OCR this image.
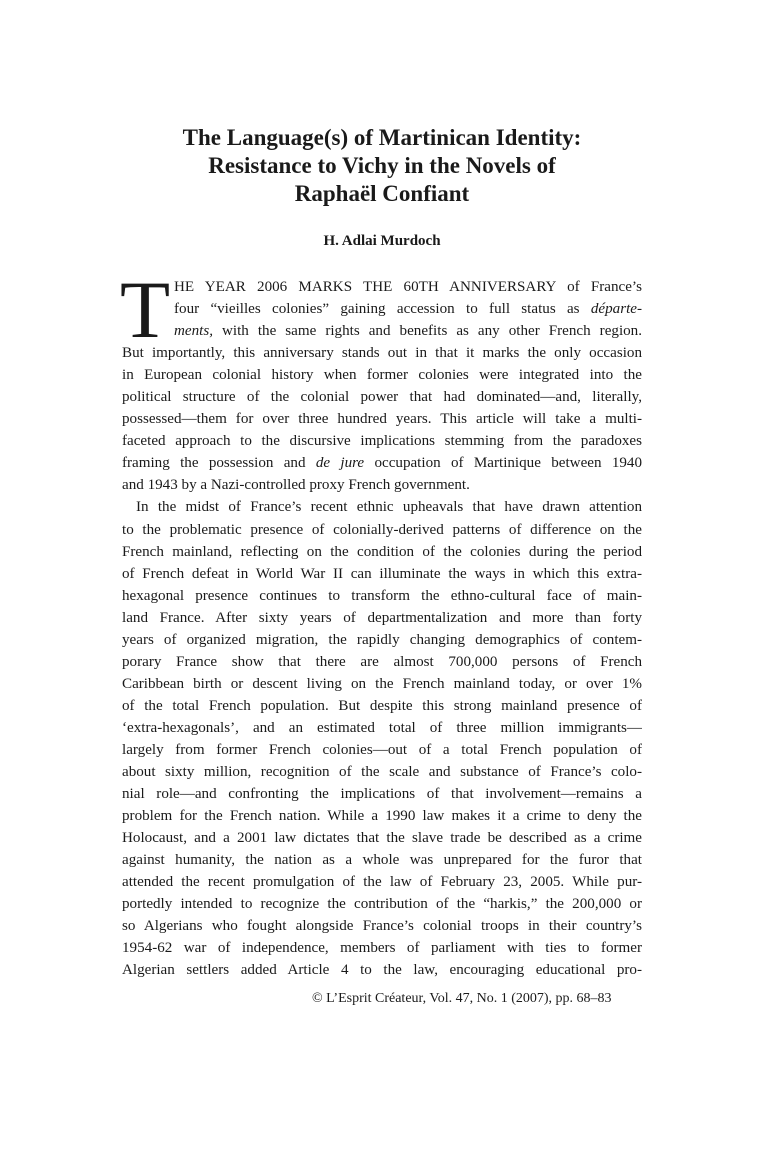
The Language(s) of Martinican Identity:
Resistance to Vichy in the Novels of
Raphaël Confiant
H. Adlai Murdoch
T HE YEAR 2006 MARKS THE 60TH ANNIVERSARY of France’s
four “vieilles colonies” gaining accession to full status as départe-
ments, with the same rights and benefits as any other French region.
But importantly, this anniversary stands out in that it marks the only occasion
in European colonial history when former colonies were integrated into the
political structure of the colonial power that had dominated—and, literally,
possessed—them for over three hundred years. This article will take a multi-
faceted approach to the discursive implications stemming from the paradoxes
framing the possession and de jure occupation of Martinique between 1940
and 1943 by a Nazi-controlled proxy French government.
In the midst of France’s recent ethnic upheavals that have drawn attention
to the problematic presence of colonially-derived patterns of difference on the
French mainland, reflecting on the condition of the colonies during the period
of French defeat in World War II can illuminate the ways in which this extra-
hexagonal presence continues to transform the ethno-cultural face of main-
land France. After sixty years of departmentalization and more than forty
years of organized migration, the rapidly changing demographics of contem-
porary France show that there are almost 700,000 persons of French
Caribbean birth or descent living on the French mainland today, or over 1%
of the total French population. But despite this strong mainland presence of
‘extra-hexagonals’, and an estimated total of three million immigrants—
largely from former French colonies—out of a total French population of
about sixty million, recognition of the scale and substance of France’s colo-
nial role—and confronting the implications of that involvement—remains a
problem for the French nation. While a 1990 law makes it a crime to deny the
Holocaust, and a 2001 law dictates that the slave trade be described as a crime
against humanity, the nation as a whole was unprepared for the furor that
attended the recent promulgation of the law of February 23, 2005. While pur-
portedly intended to recognize the contribution of the “harkis,” the 200,000 or
so Algerians who fought alongside France’s colonial troops in their country’s
1954-62 war of independence, members of parliament with ties to former
Algerian settlers added Article 4 to the law, encouraging educational pro-
© L’Esprit Créateur, Vol. 47, No. 1 (2007), pp. 68–83
